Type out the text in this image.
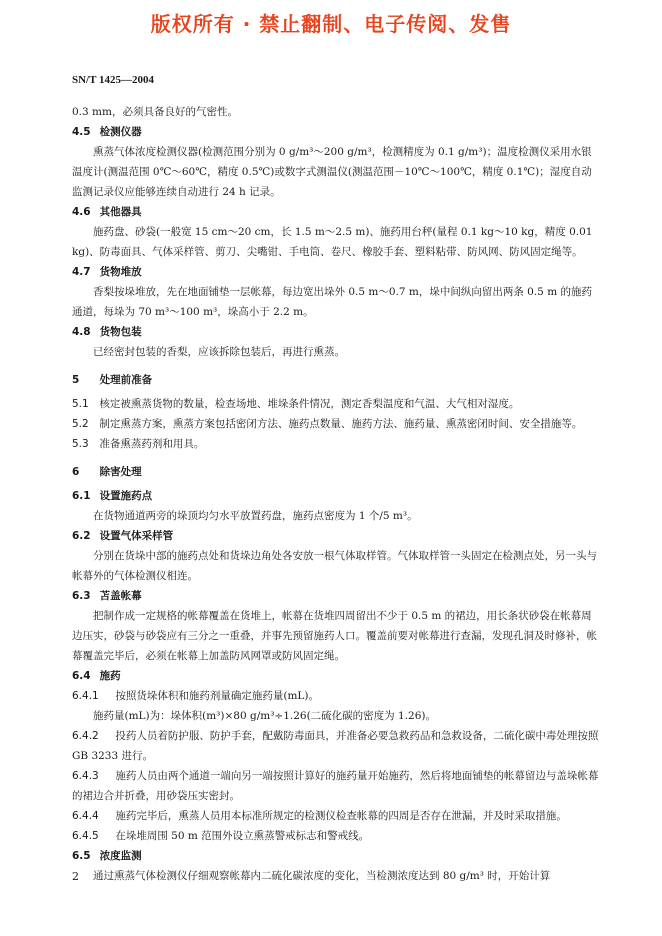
版权所有 · 禁止翻制、电子传阅、发售
SN/T 1425—2004

0.3 mm，必须具备良好的气密性。

4.5 检测仪器

熏蒸气体浓度检测仪器(检测范围分别为 0 g/m³～200 g/m³，检测精度为 0.1 g/m³)；温度检测仪采用水银温度计(测温范围 0℃～60℃，精度 0.5℃)或数字式测温仪(测温范围－10℃～100℃，精度 0.1℃)；湿度自动监测记录仪应能够连续自动进行 24 h 记录。

4.6 其他器具

施药盘、砂袋(一般宽 15 cm～20 cm，长 1.5 m～2.5 m)、施药用台秤(量程 0.1 kg～10 kg，精度 0.01 kg)、防毒面具、气体采样管、剪刀、尖嘴钳、手电筒、卷尺、橡胶手套、塑料粘带、防风网、防风固定绳等。

4.7 货物堆放

香梨按垛堆放，先在地面铺垫一层帐幕，每边宽出垛外 0.5 m～0.7 m，垛中间纵向留出两条 0.5 m 的施药通道，每垛为 70 m³～100 m³，垛高小于 2.2 m。

4.8 货物包装

已经密封包装的香梨，应该拆除包装后，再进行熏蒸。

5 处理前准备

5.1 核定被熏蒸货物的数量，检查场地、堆垛条件情况，测定香梨温度和气温、大气相对湿度。

5.2 制定熏蒸方案，熏蒸方案包括密闭方法、施药点数量、施药方法、施药量、熏蒸密闭时间、安全措施等。

5.3 准备熏蒸药剂和用具。

6 除害处理

6.1 设置施药点

在货物通道两旁的垛顶均匀水平放置药盘，施药点密度为 1 个/5 m³。

6.2 设置气体采样管

分别在货垛中部的施药点处和货垛边角处各安放一根气体取样管。气体取样管一头固定在检测点处，另一头与帐幕外的气体检测仪相连。

6.3 苫盖帐幕

把制作成一定规格的帐幕覆盖在货堆上，帐幕在货堆四周留出不少于 0.5 m 的裙边，用长条状砂袋在帐幕周边压实，砂袋与砂袋应有三分之一重叠，并事先预留施药人口。覆盖前要对帐幕进行查漏，发现孔洞及时修补，帐幕覆盖完毕后，必须在帐幕上加盖防风网罩或防风固定绳。

6.4 施药

6.4.1 按照货垛体积和施药剂量确定施药量(mL)。

施药量(mL)为：垛体积(m³)×80 g/m³÷1.26(二硫化碳的密度为 1.26)。

6.4.2 投药人员着防护服、防护手套，配戴防毒面具，并准备必要急救药品和急救设备，二硫化碳中毒处理按照 GB 3233 进行。

6.4.3 施药人员由两个通道一端向另一端按照计算好的施药量开始施药，然后将地面铺垫的帐幕留边与盖垛帐幕的裙边合并折叠，用砂袋压实密封。

6.4.4 施药完毕后，熏蒸人员用本标准所规定的检测仪检查帐幕的四周是否存在泄漏，并及时采取措施。

6.4.5 在垛堆周围 50 m 范围外设立熏蒸警戒标志和警戒线。

6.5 浓度监测

通过熏蒸气体检测仪仔细观察帐幕内二硫化碳浓度的变化，当检测浓度达到 80 g/m³ 时，开始计算

2
